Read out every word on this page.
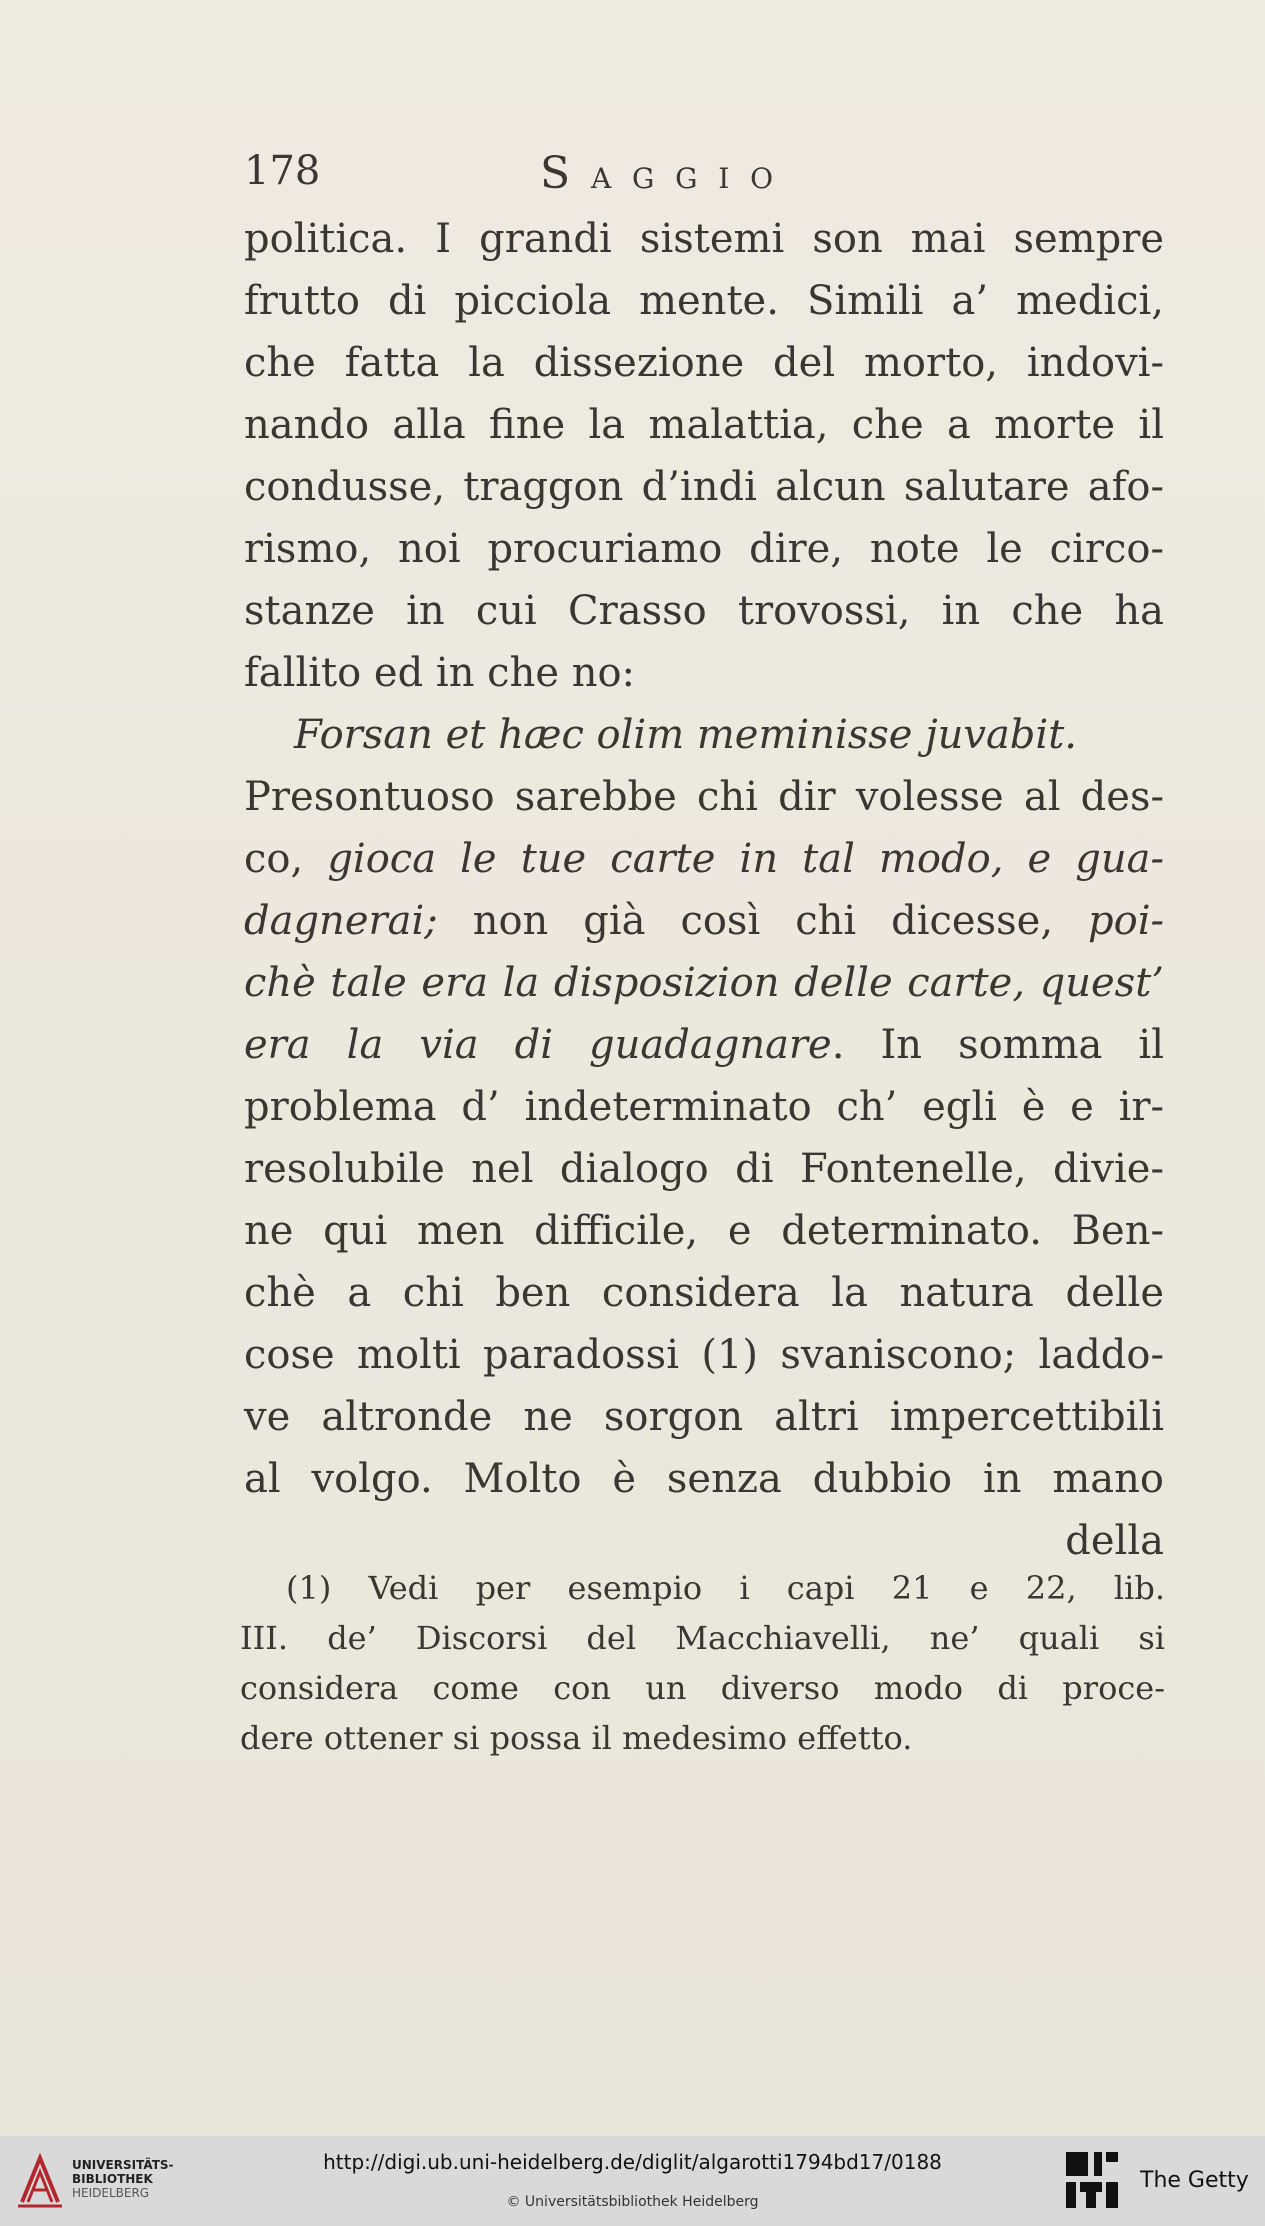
178	SAGGIO
politica. I grandi sistemi son mai sempre
frutto di picciola mente. Simili a’ medici,
che fatta la dissezione del morto, indovi-
nando alla fine la malattia, che a morte il
condusse, traggon d’indi alcun salutare afo-
rismo, noi procuriamo dire, note le circo-
stanze in cui Crasso trovossi, in che ha
fallito ed in che no:
Forsan et hæc olim meminisse juvabit.
Presontuoso sarebbe chi dir volesse al des-
co, gioca le tue carte in tal modo, e gua-
dagnerai; non già così chi dicesse, poi-
chè tale era la disposizion delle carte, quest’
era la via di guadagnare. In somma il
problema d’ indeterminato ch’ egli è e ir-
resolubile nel dialogo di Fontenelle, divie-
ne qui men difficile, e determinato. Ben-
chè a chi ben considera la natura delle
cose molti paradossi (1) svaniscono; laddo-
ve altronde ne sorgon altri impercettibili
al volgo. Molto è senza dubbio in mano
della
(1) Vedi per esempio i capi 21 e 22, lib.
III. de’ Discorsi del Macchiavelli, ne’ quali si
considera come con un diverso modo di proce-
dere ottener si possa il medesimo effetto.
UNIVERSITÄTS-
BIBLIOTHEK
HEIDELBERG
http://digi.ub.uni-heidelberg.de/diglit/algarotti1794bd17/0188
© Universitätsbibliothek Heidelberg
The Getty
